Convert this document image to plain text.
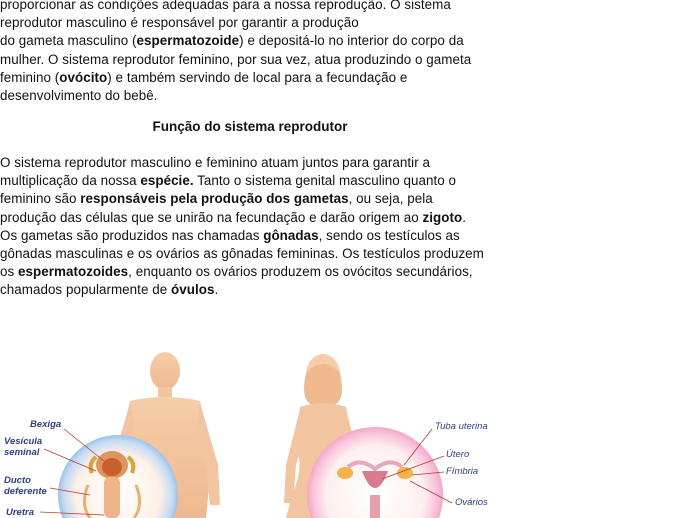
proporcionar as condições adequadas para a nossa reprodução. O sistema
reprodutor masculino é responsável por garantir a produção
do gameta masculino (espermatozoide) e depositá-lo no interior do corpo da
mulher. O sistema reprodutor feminino, por sua vez, atua produzindo o gameta
feminino (ovócito) e também servindo de local para a fecundação e
desenvolvimento do bebê.

Função do sistema reprodutor

O sistema reprodutor masculino e feminino atuam juntos para garantir a
multiplicação da nossa espécie. Tanto o sistema genital masculino quanto o
feminino são responsáveis pela produção dos gametas, ou seja, pela
produção das células que se unirão na fecundação e darão origem ao zigoto.
Os gametas são produzidos nas chamadas gônadas, sendo os testículos as
gônadas masculinas e os ovários as gônadas femininas. Os testículos produzem
os espermatozoides, enquanto os ovários produzem os ovócitos secundários,
chamados popularmente de óvulos.

Bexiga
Vesícula seminal
Ducto deferente
Uretra
Tuba uterina
Útero
Fímbria
Ovários
